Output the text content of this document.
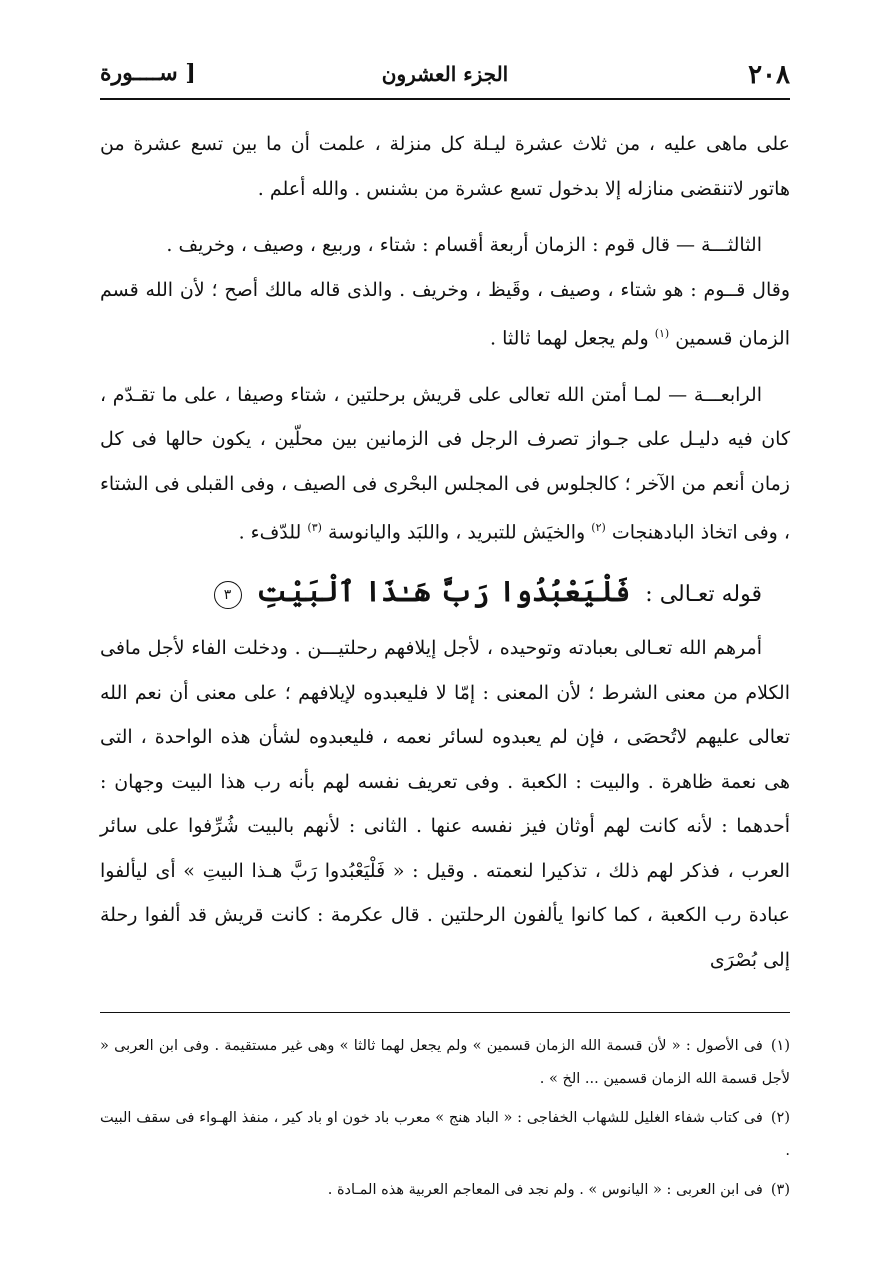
٢٠٨
الجزء العشرون
[ ســــورة

على ماهى عليه ، من ثلاث عشرة ليـلة كل منزلة ، علمت أن ما بين تسع عشرة من هاتور لاتنقضى منازله إلا بدخول تسع عشرة من بشنس . والله أعلم .

الثالثـــة — قال قوم : الزمان أربعة أقسام : شتاء ، وربيع ، وصيف ، وخريف .

وقال قــوم : هو شتاء ، وصيف ، وقَيظ ، وخريف . والذى قاله مالك أصح ؛ لأن الله قسم الزمان قسمين $^{(١)}$ ولم يجعل لهما ثالثا .

الرابعـــة — لمـا أمتن الله تعالى على قريش برحلتين ، شتاء وصيفا ، على ما تقـدّم ، كان فيه دليـل على جـواز تصرف الرجل فى الزمانين بين محلّين ، يكون حالها فى كل زمان أنعم من الآخر ؛ كالجلوس فى المجلس البحْرى فى الصيف ، وفى القبلى فى الشتاء ، وفى اتخاذ البادهنجات $^{(٢)}$ والخيَش للتبريد ، واللبَد واليانوسة $^{(٣)}$ للدّفء .

قوله تعـالى : فَلْيَعْبُدُوا رَبَّ هَـٰذَا ٱلْبَيْتِ ٣

أمرهم الله تعـالى بعبادته وتوحيده ، لأجل إيلافهم رحلتيـــن . ودخلت الفاء لأجل مافى الكلام من معنى الشرط ؛ لأن المعنى : إمّا لا فليعبدوه لإيلافهم ؛ على معنى أن نعم الله تعالى عليهم لاتُحصَى ، فإن لم يعبدوه لسائر نعمه ، فليعبدوه لشأن هذه الواحدة ، التى هى نعمة ظاهرة . والبيت : الكعبة . وفى تعريف نفسه لهم بأنه رب هذا البيت وجهان : أحدهما : لأنه كانت لهم أوثان فيز نفسه عنها . الثانى : لأنهم بالبيت شُرِّفوا على سائر العرب ، فذكر لهم ذلك ، تذكيرا لنعمته . وقيل : « فَلْيَعْبُدوا رَبَّ هـذا البيتِ » أى ليألفوا عبادة رب الكعبة ، كما كانوا يألفون الرحلتين . قال عكرمة : كانت قريش قد ألفوا رحلة إلى بُصْرَى

(١)فى الأصول : « لأن قسمة الله الزمان قسمين » ولم يجعل لهما ثالثا » وهى غير مستقيمة . وفى ابن العربى « لأجل قسمة الله الزمان قسمين ... الخ » .

(٢)فى كتاب شفاء الغليل للشهاب الخفاجى : « الباد هنج » معرب باد خون او باد كير ، منفذ الهـواء فى سقف البيت .

(٣)فى ابن العربى : « اليانوس » . ولم نجد فى المعاجم العربية هذه المـادة .
